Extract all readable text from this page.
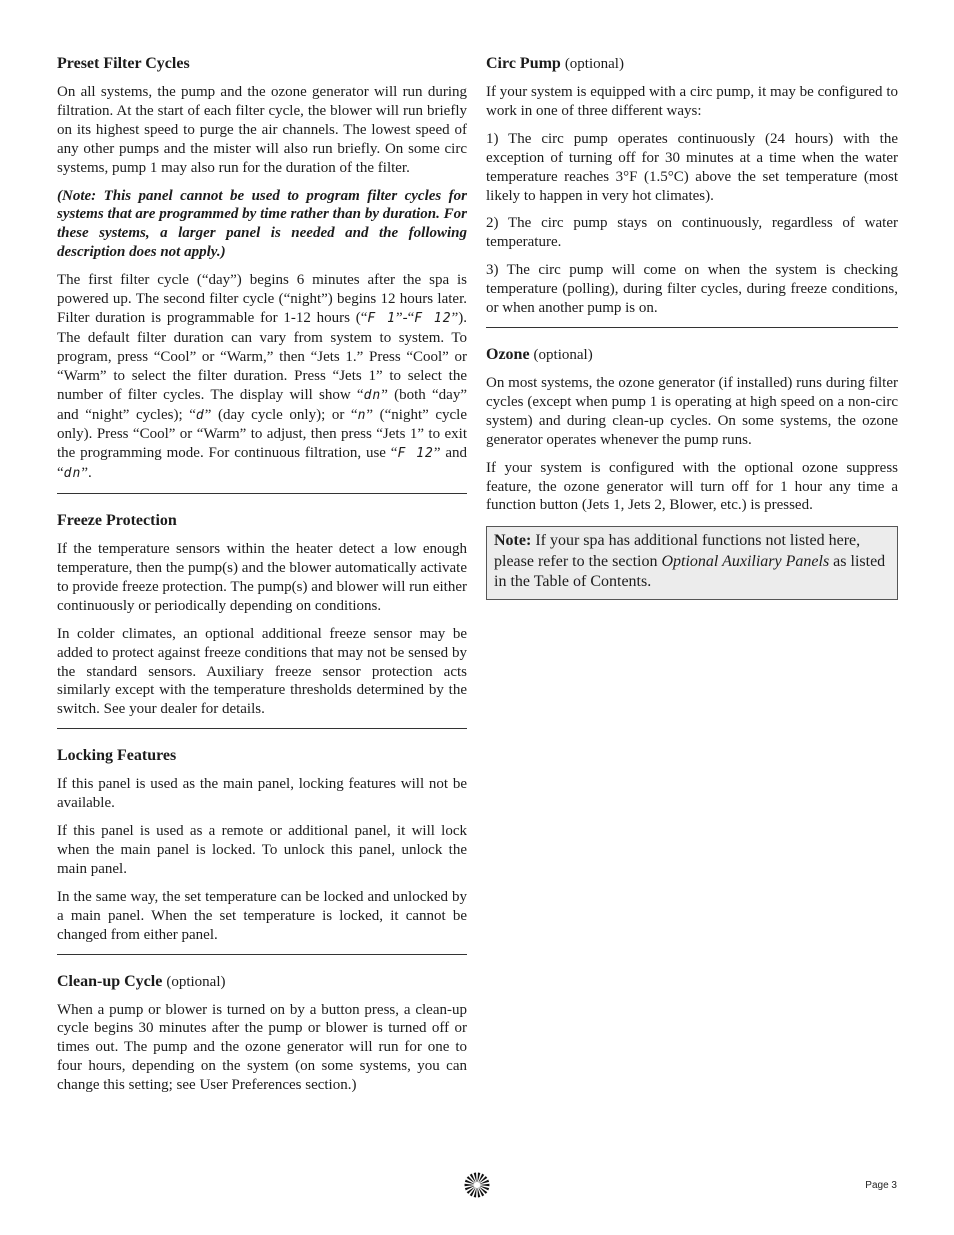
Preset Filter Cycles

On all systems, the pump and the ozone generator will run during filtration. At the start of each filter cycle, the blower will run briefly on its highest speed to purge the air channels. The lowest speed of any other pumps and the mister will also run briefly. On some circ systems, pump 1 may also run for the duration of the filter.

(Note: This panel cannot be used to program filter cycles for systems that are programmed by time rather than by duration. For these systems, a larger panel is needed and the following description does not apply.)

The first filter cycle (“day”) begins 6 minutes after the spa is powered up. The second filter cycle (“night”) begins 12 hours later. Filter duration is programmable for 1-12 hours (“F 1”-“F 12”). The default filter duration can vary from system to system. To program, press “Cool” or “Warm,” then “Jets 1.” Press “Cool” or “Warm” to select the filter duration. Press “Jets 1” to select the number of filter cycles. The display will show “dn” (both “day” and “night” cycles); “d” (day cycle only); or “n” (“night” cycle only). Press “Cool” or “Warm” to adjust, then press “Jets 1” to exit the programming mode. For continuous filtration, use “F 12” and “dn”.

Freeze Protection

If the temperature sensors within the heater detect a low enough temperature, then the pump(s) and the blower automatically activate to provide freeze protection. The pump(s) and blower will run either continuously or periodically depending on conditions.

In colder climates, an optional additional freeze sensor may be added to protect against freeze conditions that may not be sensed by the standard sensors. Auxiliary freeze sensor protection acts similarly except with the temperature thresholds determined by the switch. See your dealer for details.

Locking Features

If this panel is used as the main panel, locking features will not be available.

If this panel is used as a remote or additional panel, it will lock when the main panel is locked. To unlock this panel, unlock the main panel.

In the same way, the set temperature can be locked and unlocked by a main panel. When the set temperature is locked, it cannot be changed from either panel.

Clean-up Cycle (optional)

When a pump or blower is turned on by a button press, a clean-up cycle begins 30 minutes after the pump or blower is turned off or times out. The pump and the ozone generator will run for one to four hours, depending on the system (on some systems, you can change this setting; see User Preferences section.)

Circ Pump (optional)

If your system is equipped with a circ pump, it may be configured to work in one of three different ways:

1) The circ pump operates continuously (24 hours) with the exception of turning off for 30 minutes at a time when the water temperature reaches 3°F (1.5°C) above the set temperature (most likely to happen in very hot climates).

2) The circ pump stays on continuously, regardless of water temperature.

3) The circ pump will come on when the system is checking temperature (polling), during filter cycles, during freeze conditions, or when another pump is on.

Ozone (optional)

On most systems, the ozone generator (if installed) runs during filter cycles (except when pump 1 is operating at high speed on a non-circ system) and during clean-up cycles. On some systems, the ozone generator operates whenever the pump runs.

If your system is configured with the optional ozone suppress feature, the ozone generator will turn off for 1 hour any time a function button (Jets 1, Jets 2, Blower, etc.) is pressed.

Note: If your spa has additional functions not listed here, please refer to the section Optional Auxiliary Panels as listed in the Table of Contents.
Page 3
